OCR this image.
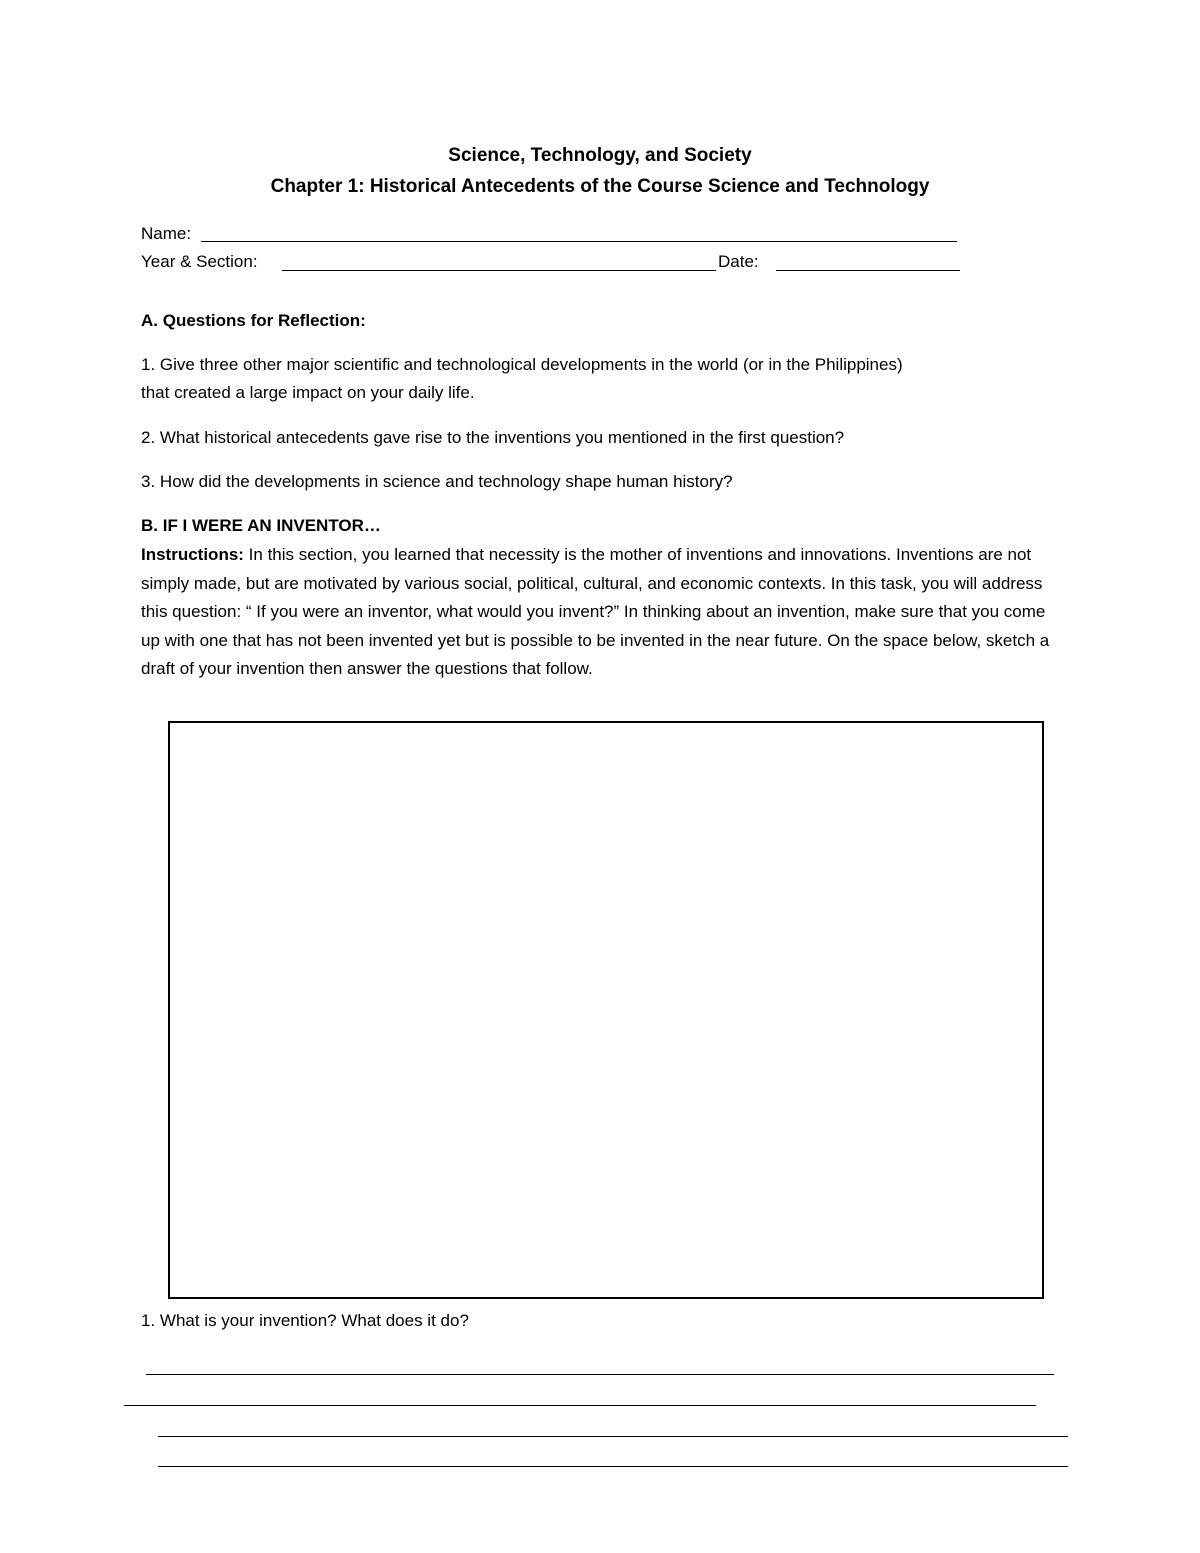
Science, Technology, and Society
Chapter 1: Historical Antecedents of the Course Science and Technology
Name:
Year & Section:	Date:
A. Questions for Reflection:
1. Give three other major scientific and technological developments in the world (or in the Philippines)
that created a large impact on your daily life.
2. What historical antecedents gave rise to the inventions you mentioned in the first question?
3. How did the developments in science and technology shape human history?
B. IF I WERE AN INVENTOR…
Instructions: In this section, you learned that necessity is the mother of inventions and innovations. Inventions are not simply made, but are motivated by various social, political, cultural, and economic contexts. In this task, you will address this question: “ If you were an inventor, what would you invent?” In thinking about an invention, make sure that you come up with one that has not been invented yet but is possible to be invented in the near future. On the space below, sketch a draft of your invention then answer the questions that follow.
1. What is your invention? What does it do?
